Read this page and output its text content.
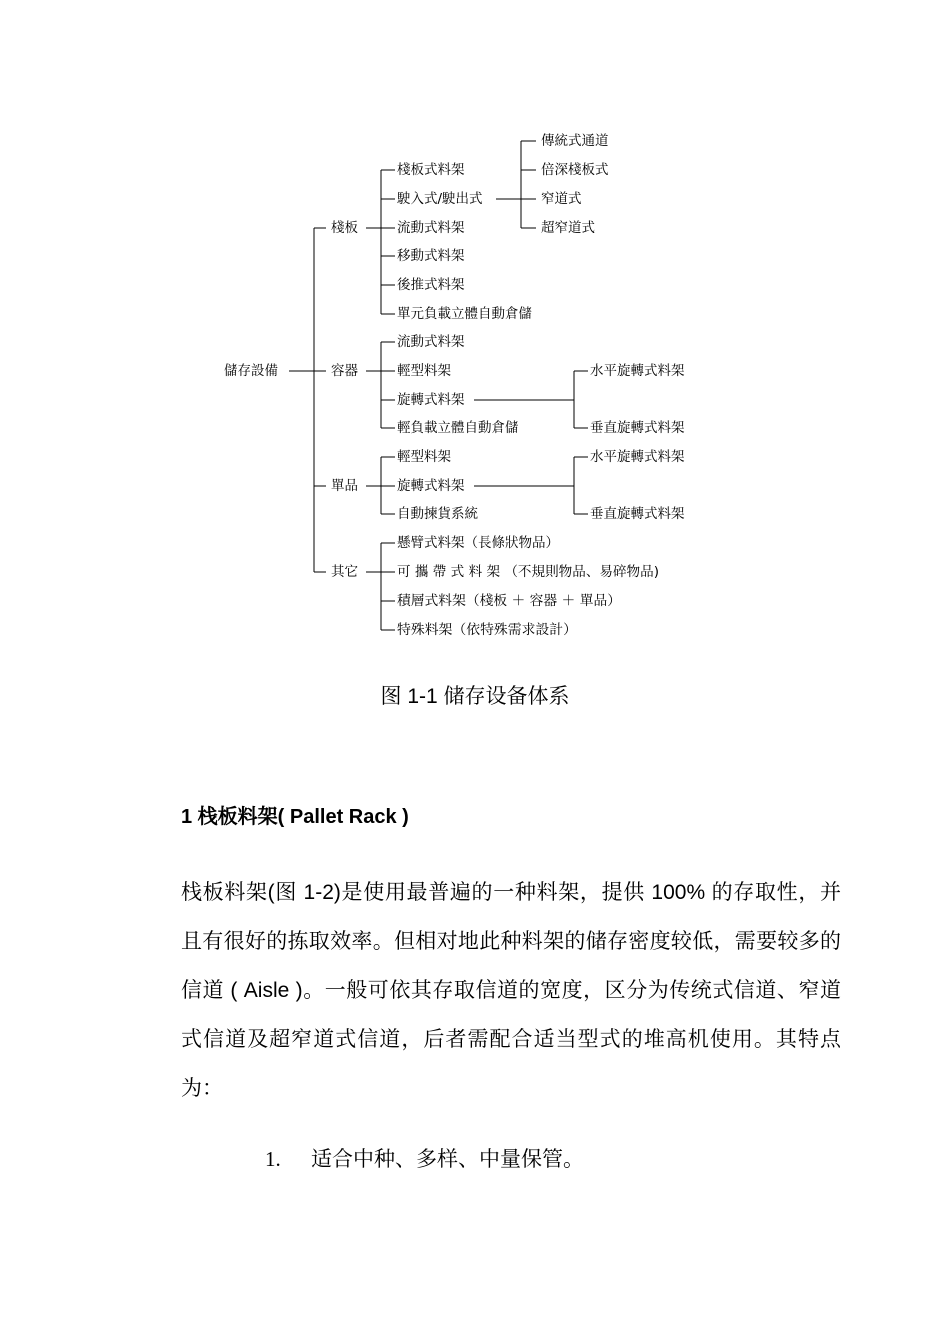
儲存設備
棧板
棧板式料架
駛入式/駛出式
流動式料架
移動式料架
後推式料架
單元負載立體自動倉儲
傳統式通道
倍深棧板式
窄道式
超窄道式
容器
流動式料架
輕型料架
旋轉式料架
輕負載立體自動倉儲
水平旋轉式料架
垂直旋轉式料架
單品
輕型料架
旋轉式料架
自動揀貨系統
水平旋轉式料架
垂直旋轉式料架
其它
懸臂式料架（長條狀物品）
可 攜 帶 式 料 架 （不規則物品、易碎物品)
積層式料架（棧板 ＋ 容器 ＋ 單品）
特殊料架（依特殊需求設計）
图 1-1 储存设备体系
1 栈板料架( Pallet Rack )

栈板料架(图 1-2)是使用最普遍的一种料架，提供 100% 的存取性，并且有很好的拣取效率。但相对地此种料架的储存密度较低，需要较多的信道 ( Aisle )。一般可依其存取信道的宽度，区分为传统式信道、窄道式信道及超窄道式信道，后者需配合适当型式的堆高机使用。其特点为：

1. 适合中种、多样、中量保管。
